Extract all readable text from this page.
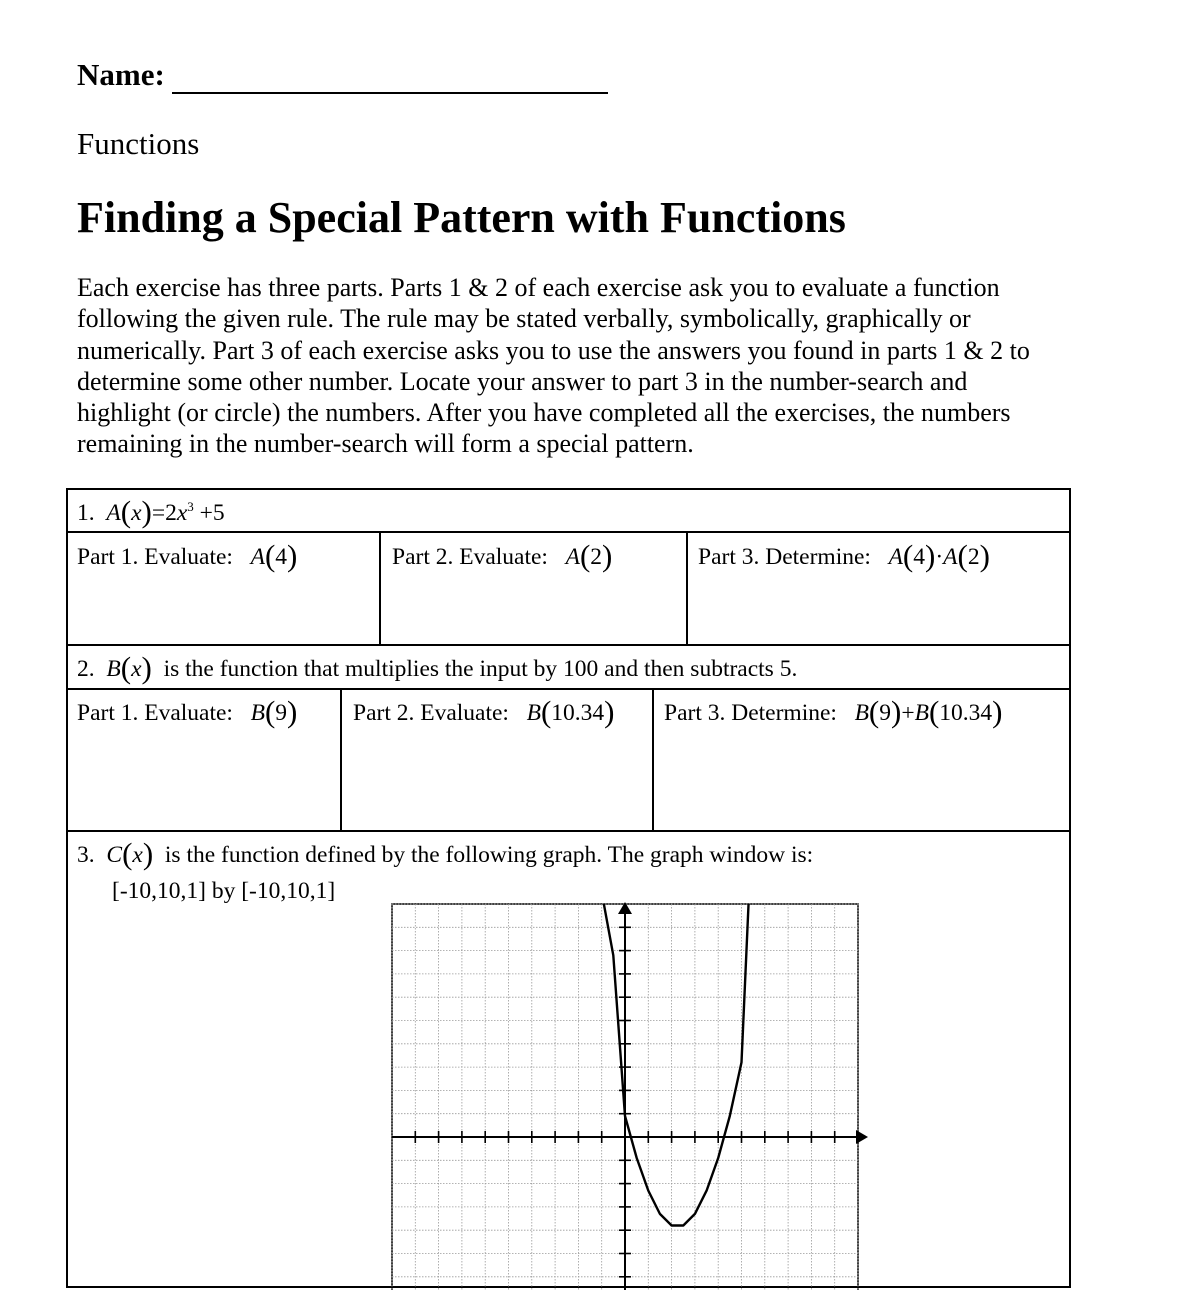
Name:
Functions
Finding a Special Pattern with Functions
Each exercise has three parts. Parts 1 & 2 of each exercise ask you to evaluate a function
following the given rule. The rule may be stated verbally, symbolically, graphically or
numerically. Part 3 of each exercise asks you to use the answers you found in parts 1 & 2 to
determine some other number. Locate your answer to part 3 in the number-search and
highlight (or circle) the numbers. After you have completed all the exercises, the numbers
remaining in the number-search will form a special pattern.
1. $A(x)=2x^3 +5$
Part 1. Evaluate: A(4)	Part 2. Evaluate: A(2)	Part 3. Determine: A(4)·A(2)
2. B(x) is the function that multiplies the input by 100 and then subtracts 5.
Part 1. Evaluate: B(9) Part 2. Evaluate: B(10.34) Part 3. Determine: B(9)+B(10.34)
3. C(x) is the function defined by the following graph. The graph window is:
[-10,10,1] by [-10,10,1]
